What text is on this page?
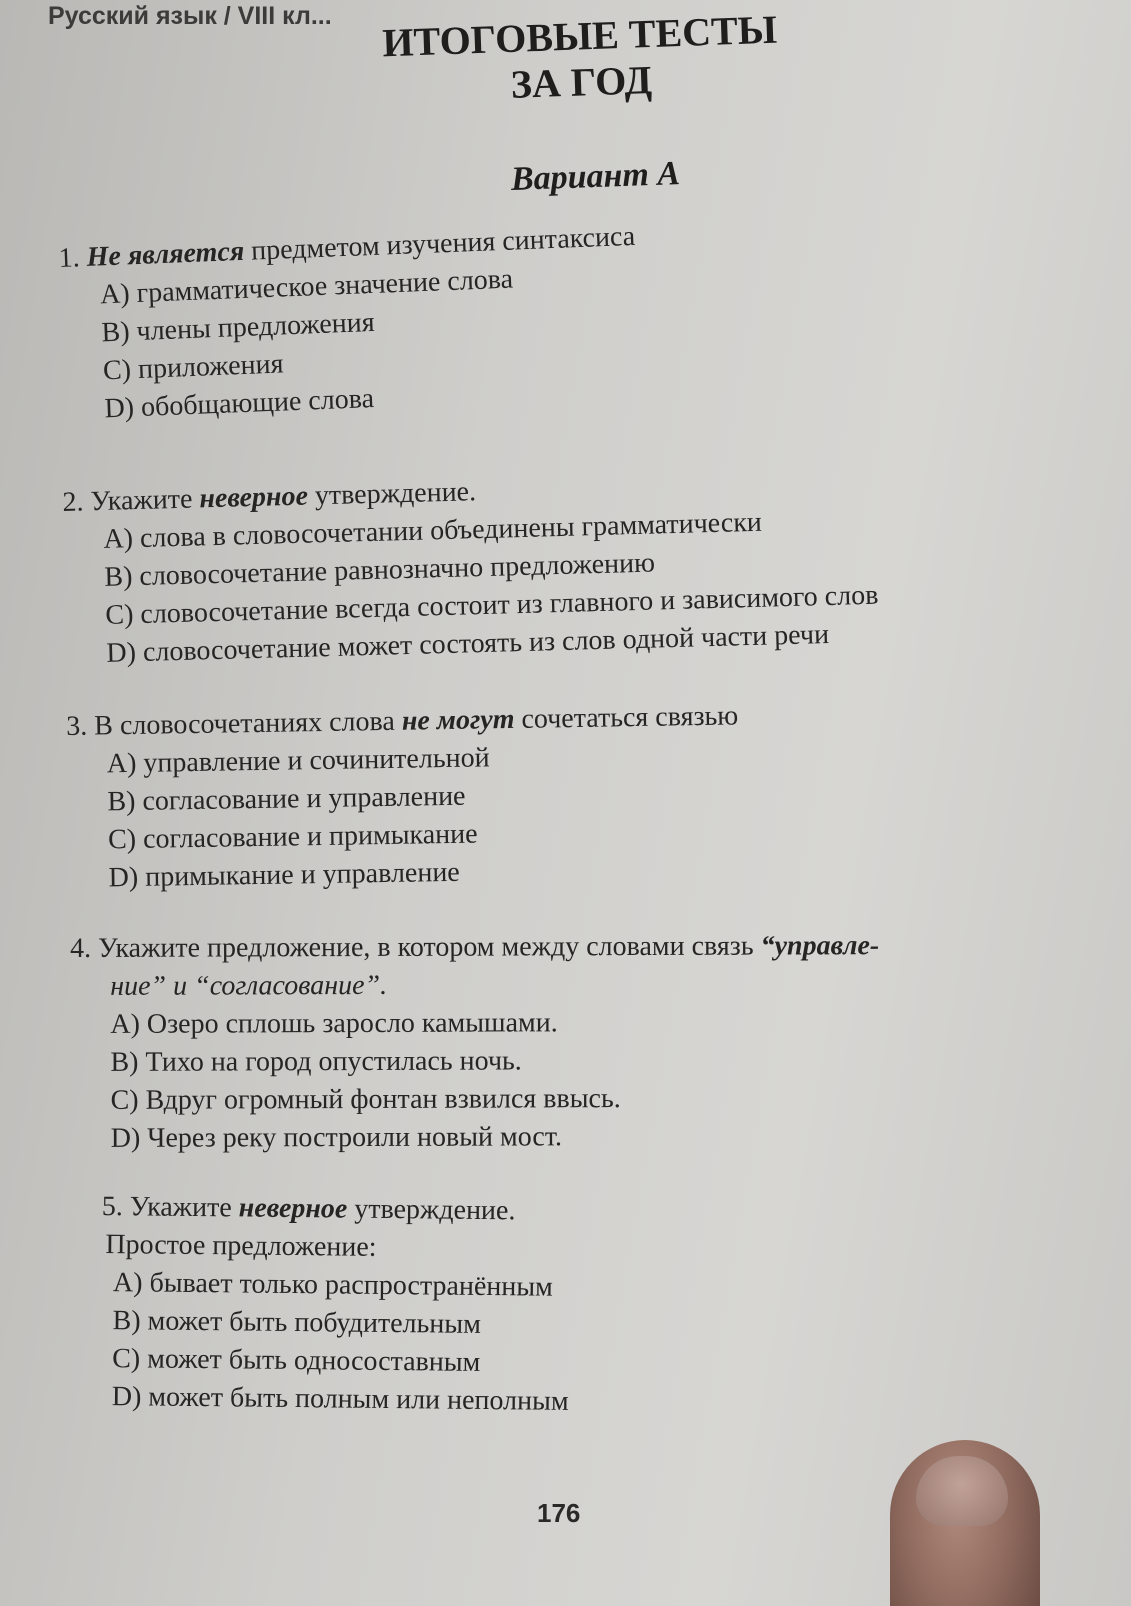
Русский язык / VIII кл...	ИТОГОВЫЕ ТЕСТЫ
ЗА ГОД
Вариант А
1. Не является предметом изучения синтаксиса
A) грамматическое значение слова
B) члены предложения
C) приложения
D) обобщающие слова
2. Укажите неверное утверждение.
A) слова в словосочетании объединены грамматически
B) словосочетание равнозначно предложению
C) словосочетание всегда состоит из главного и зависимого слов
D) словосочетание может состоять из слов одной части речи
3. В словосочетаниях слова не могут сочетаться связью
A) управление и сочинительной
B) согласование и управление
C) согласование и примыкание
D) примыкание и управление
4. Укажите предложение, в котором между словами связь “управле-
ние” и “согласование”.
A) Озеро сплошь заросло камышами.
B) Тихо на город опустилась ночь.
C) Вдруг огромный фонтан взвился ввысь.
D) Через реку построили новый мост.
5. Укажите неверное утверждение.
Простое предложение:
A) бывает только распространённым
B) может быть побудительным
C) может быть односоставным
D) может быть полным или неполным
176
